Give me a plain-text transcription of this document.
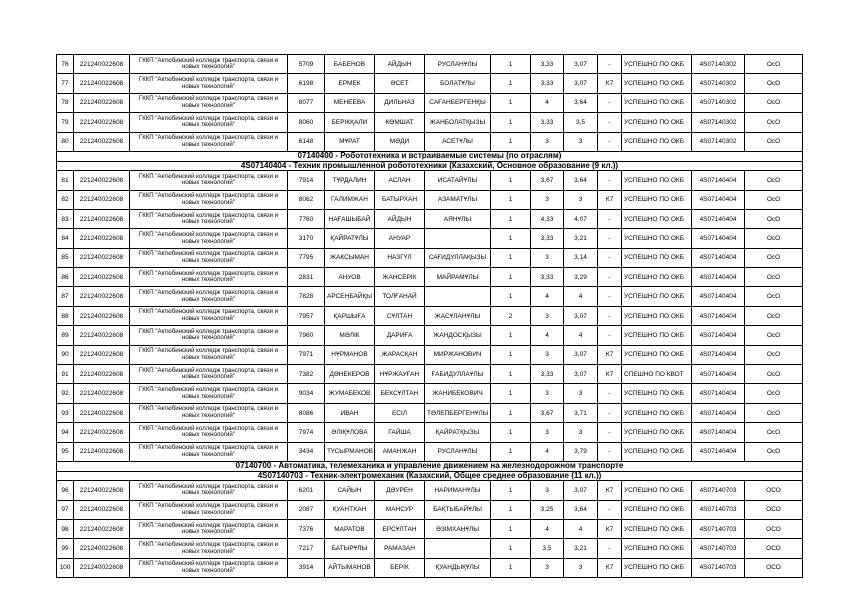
76	221240022608	ГККП "Актюбинский колледж транспорта, связи и новых технологий"	5709	БАБЕНОВ	АЙДЫН	РУСЛАНҰЛЫ	1	3,33	3,07	-	УСПЕШНО ПО ОКБ	4S07140302	ОсО
77	221240022608	ГККП "Актюбинский колледж транспорта, связи и новых технологий"	6198	ЕРМЕК	ӘСЕТ	БОЛАТҰЛЫ	1	3,33	3,07	К7	УСПЕШНО ПО ОКБ	4S07140302	ОсО
78	221240022608	ГККП "Актюбинский колледж транспорта, связи и новых технологий"	8077	МЕНЕЕВА	ДИЛЬНАЗ	САҒАНБЕРГЕНҚЫ	1	4	3,64	-	УСПЕШНО ПО ОКБ	4S07140302	ОсО
79	221240022608	ГККП "Актюбинский колледж транспорта, связи и новых технологий"	8060	БЕРІКҚАЛИ	КӨМШАТ	ЖАНБОЛАТҚЫЗЫ	1	3,33	3,5	-	УСПЕШНО ПО ОКБ	4S07140302	ОсО
80	221240022608	ГККП "Актюбинский колледж транспорта, связи и новых технологий"	6148	МҰРАТ	МӘДИ	АСЕТҰЛЫ	1	3	3	-	УСПЕШНО ПО ОКБ	4S07140302	ОсО
07140400 - Робототехника и встраиваемые системы (по отраслям)													
4S07140404 - Техник промышленной робототехники (Казахский, Основное образование (9 кл.))													
81	221240022608	ГККП "Актюбинский колледж транспорта, связи и новых технологий"	7914	ТҰРДАЛИН	АСЛАН	ИСАТАЙҰЛЫ	1	3,67	3,64	-	УСПЕШНО ПО ОКБ	4S07140404	ОсО
82	221240022608	ГККП "Актюбинский колледж транспорта, связи и новых технологий"	8062	ГАЛИМЖАН	БАТЫРХАН	АЗАМАТҰЛЫ	1	3	3	К7	УСПЕШНО ПО ОКБ	4S07140404	ОсО
83	221240022608	ГККП "Актюбинский колледж транспорта, связи и новых технологий"	7760	НАҒАШЫБАЙ	АЙДЫН	АЯНҰЛЫ	1	4,33	4,07	-	УСПЕШНО ПО ОКБ	4S07140404	ОсО
84	221240022608	ГККП "Актюбинский колледж транспорта, связи и новых технологий"	3170	ҚАЙРАТҰЛЫ	АНУАР		1	3,33	3,21	-	УСПЕШНО ПО ОКБ	4S07140404	ОсО
85	221240022608	ГККП "Актюбинский колледж транспорта, связи и новых технологий"	7795	ЖАКСЫМАН	НАЗГҮЛ	САҒИДУЛЛАҚЫЗЫ	1	3	3,14	-	УСПЕШНО ПО ОКБ	4S07140404	ОсО
86	221240022608	ГККП "Актюбинский колледж транспорта, связи и новых технологий"	2831	АНУОВ	ЖАНСЕРІК	МАЙРАМҰЛЫ	1	3,33	3,29	-	УСПЕШНО ПО ОКБ	4S07140404	ОсО
87	221240022608	ГККП "Актюбинский колледж транспорта, связи и новых технологий"	7828	АРСЕНБАЙҚЫ	ТОЛҒАНАЙ		1	4	4	-	УСПЕШНО ПО ОКБ	4S07140404	ОсО
88	221240022608	ГККП "Актюбинский колледж транспорта, связи и новых технологий"	7957	ҚАРШЫҒА	СҰЛТАН	ЖАСҰЛАНҰЛЫ	2	3	3,07	-	УСПЕШНО ПО ОКБ	4S07140404	ОсО
89	221240022608	ГККП "Актюбинский колледж транспорта, связи и новых технологий"	7960	МӘЛІК	ДАРИҒА	ЖАНДОСҚЫЗЫ	1	4	4	-	УСПЕШНО ПО ОКБ	4S07140404	ОсО
90	221240022608	ГККП "Актюбинский колледж транспорта, связи и новых технологий"	7971	НҰРМАНОВ	ЖАРАСҚАН	МИРЖАНОВИЧ	1	3	3,07	К7	УСПЕШНО ПО ОКБ	4S07140404	ОсО
91	221240022608	ГККП "Актюбинский колледж транспорта, связи и новых технологий"	7382	ДӘНЕКЕРОВ	НҰРЖАУҒАН	ҒАБИДУЛЛАҰЛЫ	1	3,33	3,07	К7	СПЕШНО ПО КВОТ	4S07140404	ОсО
92	221240022608	ГККП "Актюбинский колледж транспорта, связи и новых технологий"	9034	ЖУМАБЕКОВ	БЕКСҰЛТАН	ЖАНИБЕКОВИЧ	1	3	3	-	УСПЕШНО ПО ОКБ	4S07140404	ОсО
93	221240022608	ГККП "Актюбинский колледж транспорта, связи и новых технологий"	8086	ИВАН	ЕСІЛ	ТӨЛЕПБЕРГЕНҰЛЫ	1	3,67	3,71	-	УСПЕШНО ПО ОКБ	4S07140404	ОсО
94	221240022608	ГККП "Актюбинский колледж транспорта, связи и новых технологий"	7974	ӘЛІҚҰЛОВА	ГАЙША	ҚАЙРАТҚЫЗЫ	1	3	3	-	УСПЕШНО ПО ОКБ	4S07140404	ОсО
95	221240022608	ГККП "Актюбинский колледж транспорта, связи и новых технологий"	3434	ТҮСЫРМАНОВ	АМАНЖАН	РУСЛАНҰЛЫ	1	4	3,79	-	УСПЕШНО ПО ОКБ	4S07140404	ОсО
07140700 - Автоматика, телемеханика и управление движением на железнодорожном транспорте													
4S07140703 - Техник-электромеханик (Казахский, Общее среднее образование (11 кл.))													
96	221240022608	ГККП "Актюбинский колледж транспорта, связи и новых технологий"	6201	САЙЫН	ДӘУРЕН	НАРИМАНҰЛЫ	1	3	3,07	К7	УСПЕШНО ПО ОКБ	4S07140703	ОСО
97	221240022608	ГККП "Актюбинский колледж транспорта, связи и новых технологий"	2087	ҚУАНТХАН	МАНСУР	БАҚТЫБАЙҰЛЫ	1	3,25	3,64	-	УСПЕШНО ПО ОКБ	4S07140703	ОСО
98	221240022608	ГККП "Актюбинский колледж транспорта, связи и новых технологий"	7376	МАРАТОВ	ЕРСҰЛТАН	ӘЗІМХАНҰЛЫ	1	4	4	К7	УСПЕШНО ПО ОКБ	4S07140703	ОСО
99	221240022608	ГККП "Актюбинский колледж транспорта, связи и новых технологий"	7217	БАТЫРҰЛЫ	РАМАЗАН		1	3,5	3,21	-	УСПЕШНО ПО ОКБ	4S07140703	ОСО
100	221240022608	ГККП "Актюбинский колледж транспорта, связи и новых технологий"	3914	АЙТЫМАНОВ	БЕРІК	ҚУАНДЫҚҰЛЫ	1	3	3	К7	УСПЕШНО ПО ОКБ	4S07140703	ОСО
